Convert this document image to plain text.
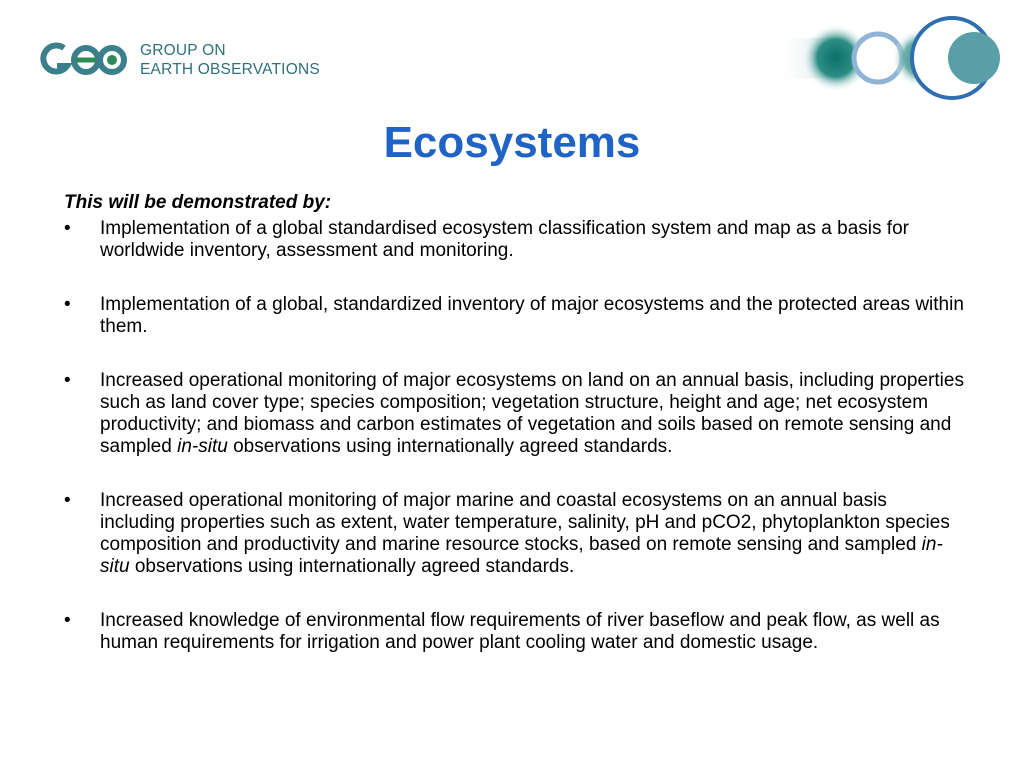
GROUP ON
EARTH OBSERVATIONS
Ecosystems

This will be demonstrated by:

• Implementation of a global standardised ecosystem classification system and map as a basis for worldwide inventory, assessment and monitoring.
• Implementation of a global, standardized inventory of major ecosystems and the protected areas within them.
• Increased operational monitoring of major ecosystems on land on an annual basis, including properties such as land cover type; species composition; vegetation structure, height and age; net ecosystem productivity; and biomass and carbon estimates of vegetation and soils based on remote sensing and sampled in-situ observations using internationally agreed standards.
• Increased operational monitoring of major marine and coastal ecosystems on an annual basis including properties such as extent, water temperature, salinity, pH and pCO2, phytoplankton species composition and productivity and marine resource stocks, based on remote sensing and sampled in-situ observations using internationally agreed standards.
• Increased knowledge of environmental flow requirements of river baseflow and peak flow, as well as human requirements for irrigation and power plant cooling water and domestic usage.
